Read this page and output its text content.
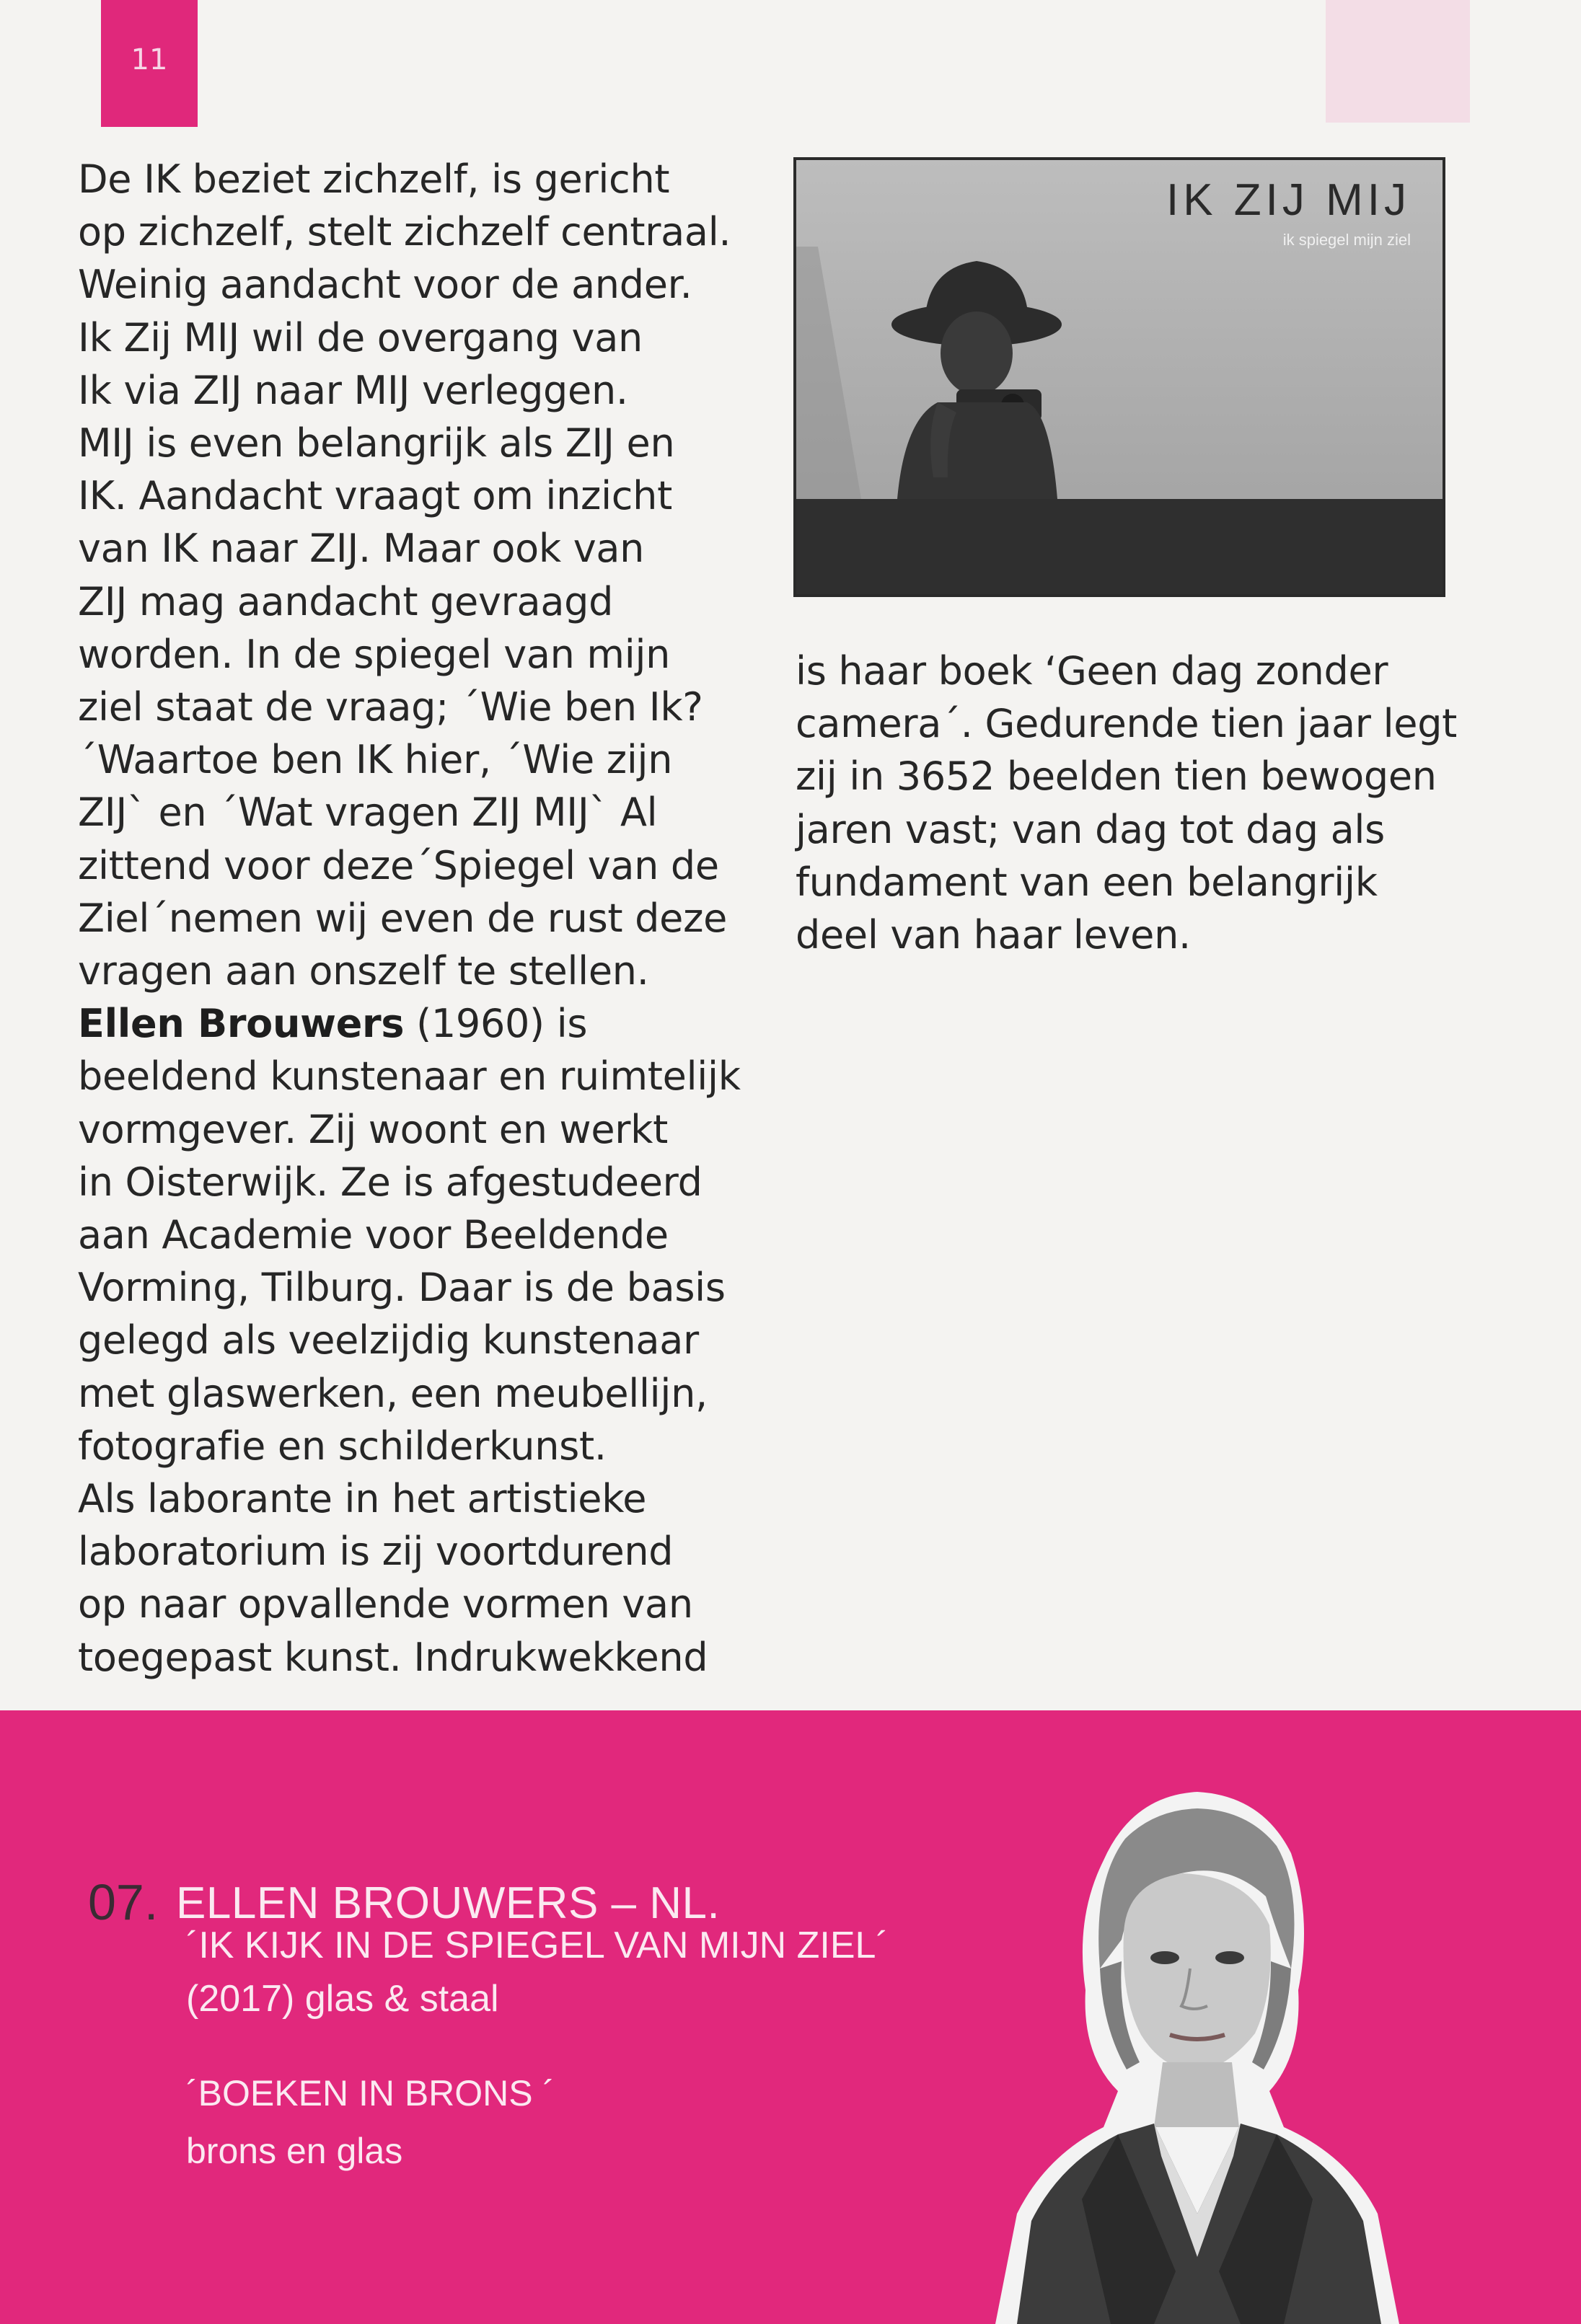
11
De IK beziet zichzelf, is gericht
op zichzelf, stelt zichzelf centraal.
Weinig aandacht voor de ander.
Ik Zij MIJ wil de overgang van
Ik via ZIJ naar MIJ verleggen.
MIJ is even belangrijk als ZIJ en
IK. Aandacht vraagt om inzicht
van IK naar ZIJ. Maar ook van
ZIJ mag aandacht gevraagd
worden. In de spiegel van mijn
ziel staat de vraag; ´Wie ben Ik?
´Waartoe ben IK hier, ´Wie zijn
ZIJ` en ´Wat vragen ZIJ MIJ` Al
zittend voor deze´Spiegel van de
Ziel´nemen wij even de rust deze
vragen aan onszelf te stellen.
Ellen Brouwers (1960) is
beeldend kunstenaar en ruimtelijk
vormgever. Zij woont en werkt
in Oisterwijk. Ze is afgestudeerd
aan Academie voor Beeldende
Vorming, Tilburg. Daar is de basis
gelegd als veelzijdig kunstenaar
met glaswerken, een meubellijn,
fotografie en schilderkunst.
Als laborante in het artistieke
laboratorium is zij voortdurend
op naar opvallende vormen van
toegepast kunst. Indrukwekkend
IK ZIJ MIJ
ik spiegel mijn ziel
is haar boek ‘Geen dag zonder
camera´. Gedurende tien jaar legt
zij in 3652 beelden tien bewogen
jaren vast; van dag tot dag als
fundament van een belangrijk
deel van haar leven.
07. ELLEN BROUWERS – NL.
´IK KIJK IN DE SPIEGEL VAN MIJN ZIEL´
(2017) glas & staal
´BOEKEN IN BRONS ´
brons en glas
